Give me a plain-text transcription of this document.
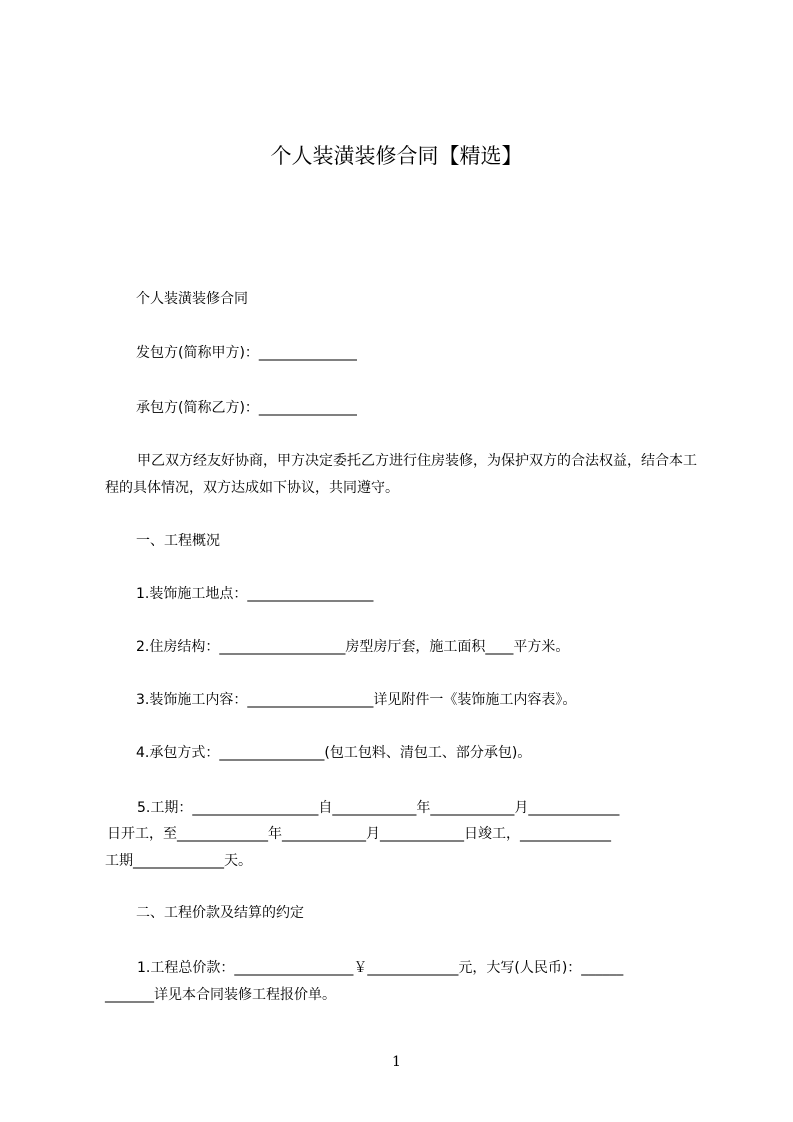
个人装潢装修合同【精选】
个人装潢装修合同
发包方(简称甲方)：______________
承包方(简称乙方)：______________
甲乙双方经友好协商，甲方决定委托乙方进行住房装修，为保护双方的合法权益，结合本工程的具体情况，双方达成如下协议，共同遵守。
一、工程概况
1.装饰施工地点：__________________
2.住房结构：__________________房型房厅套，施工面积____平方米。
3.装饰施工内容：__________________详见附件一《装饰施工内容表》。
4.承包方式：_______________(包工包料、清包工、部分承包)。
5.工期：__________________自____________年____________月_____________
日开工，至_____________年____________月____________日竣工，_____________
工期_____________天。
二、工程价款及结算的约定
1.工程总价款：_________________￥_____________元，大写(人民币)：______
_______详见本合同装修工程报价单。
1
